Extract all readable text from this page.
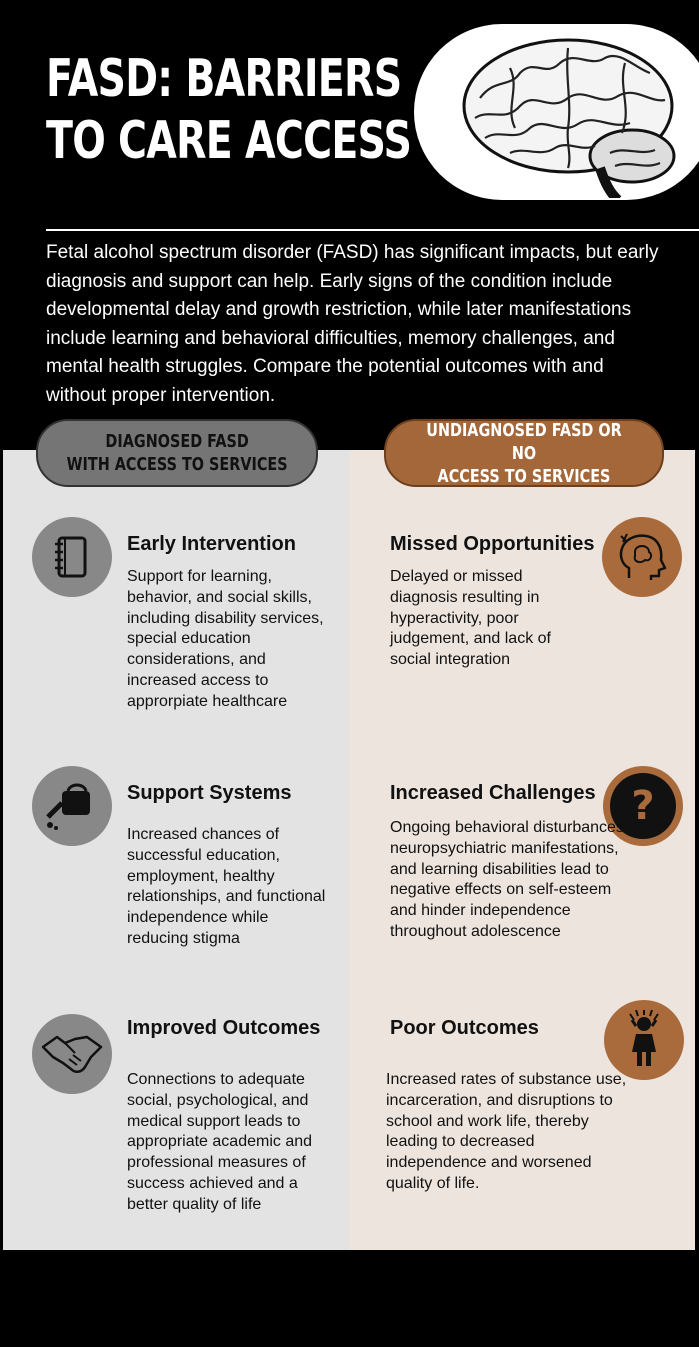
FASD: BARRIERS
TO CARE ACCESS

Fetal alcohol spectrum disorder (FASD) has significant impacts, but early diagnosis and support can help. Early signs of the condition include developmental delay and growth restriction, while later manifestations include learning and behavioral difficulties, memory challenges, and mental health struggles. Compare the potential outcomes with and without proper intervention.

DIAGNOSED FASD
WITH ACCESS TO SERVICES
UNDIAGNOSED FASD OR NO
ACCESS TO SERVICES
Early Intervention

Support for learning, behavior, and social skills, including disability services, special education considerations, and increased access to approrpiate healthcare

Support Systems

Increased chances of successful education, employment, healthy relationships, and functional independence while reducing stigma

Improved Outcomes

Connections to adequate social, psychological, and medical support leads to appropriate academic and professional measures of success achieved and a better quality of life

Missed Opportunities

Delayed or missed diagnosis resulting in hyperactivity, poor judgement, and lack of social integration

?
Increased Challenges

Ongoing behavioral disturbances, neuropsychiatric manifestations, and learning disabilities lead to negative effects on self-esteem and hinder independence throughout adolescence

Poor Outcomes

Increased rates of substance use, incarceration, and disruptions to school and work life, thereby leading to decreased independence and worsened quality of life.
